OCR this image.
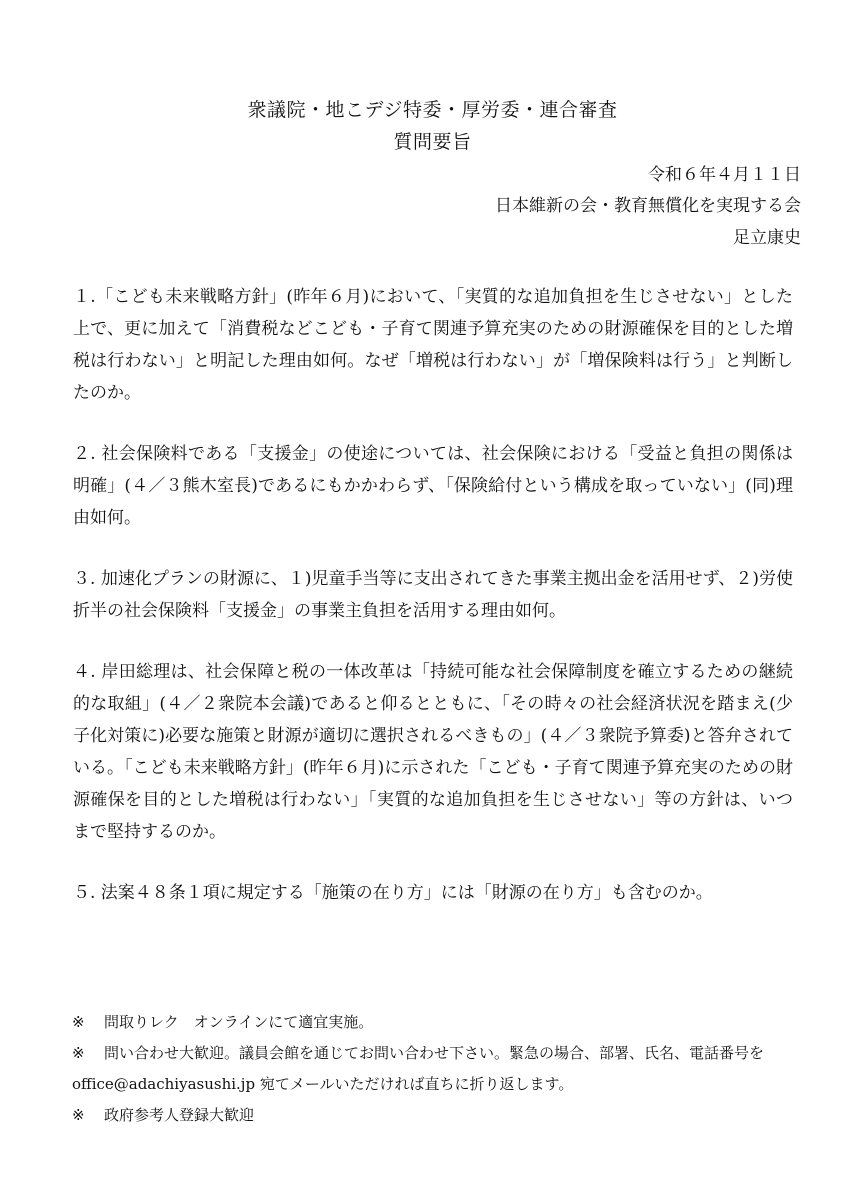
衆議院・地こデジ特委・厚労委・連合審査
質問要旨
令和６年４月１１日
日本維新の会・教育無償化を実現する会
足立康史

１.「こども未来戦略方針」(昨年６月)において、「実質的な追加負担を生じさせない」とした上で、更に加えて「消費税などこども・子育て関連予算充実のための財源確保を目的とした増税は行わない」と明記した理由如何。なぜ「増税は行わない」が「増保険料は行う」と判断したのか。

２. 社会保険料である「支援金」の使途については、社会保険における「受益と負担の関係は明確」(４／３熊木室長)であるにもかかわらず、「保険給付という構成を取っていない」(同)理由如何。

３. 加速化プランの財源に、１)児童手当等に支出されてきた事業主拠出金を活用せず、２)労使折半の社会保険料「支援金」の事業主負担を活用する理由如何。

４. 岸田総理は、社会保障と税の一体改革は「持続可能な社会保障制度を確立するための継続的な取組」(４／２衆院本会議)であると仰るとともに、「その時々の社会経済状況を踏まえ(少子化対策に)必要な施策と財源が適切に選択されるべきもの」(４／３衆院予算委)と答弁されている。「こども未来戦略方針」(昨年６月)に示された「こども・子育て関連予算充実のための財源確保を目的とした増税は行わない」「実質的な追加負担を生じさせない」等の方針は、いつまで堅持するのか。

５. 法案４８条１項に規定する「施策の在り方」には「財源の在り方」も含むのか。

※ 問取りレク　オンラインにて適宜実施。

※ 問い合わせ大歓迎。議員会館を通じてお問い合わせ下さい。緊急の場合、部署、氏名、電話番号を office@adachiyasushi.jp 宛てメールいただければ直ちに折り返します。

※ 政府参考人登録大歓迎
